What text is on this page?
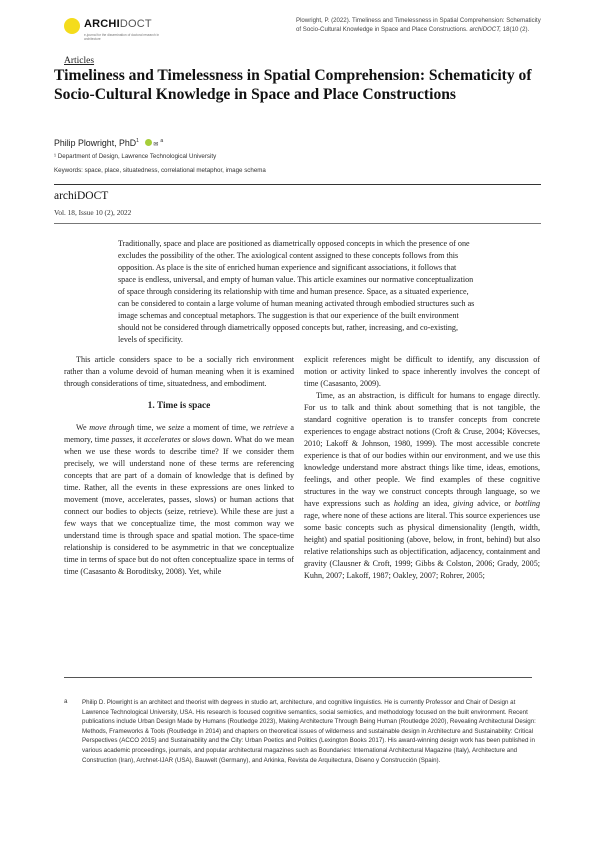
ARCHIDOCT
e-journal for the dissemination of doctoral research in architecture
Plowright, P. (2022). Timeliness and Timelessness in Spatial Comprehension: Schematicity of Socio-Cultural Knowledge in Space and Place Constructions. archiDOCT, 18(10 (2).
Articles
Timeliness and Timelessness in Spatial Comprehension: Schematicity of Socio-Cultural Knowledge in Space and Place Constructions
Philip Plowright, PhD$^1$ ✉$^a$
¹ Department of Design, Lawrence Technological University
Keywords: space, place, situatedness, correlational metaphor, image schema
archiDOCT
Vol. 18, Issue 10 (2), 2022
Traditionally, space and place are positioned as diametrically opposed concepts in which the presence of one excludes the possibility of the other. The axiological content assigned to these concepts follows from this opposition. As place is the site of enriched human experience and significant associations, it follows that space is endless, universal, and empty of human value. This article examines our normative conceptualization of space through considering its relationship with time and human presence. Space, as a situated experience, can be considered to contain a large volume of human meaning activated through embodied structures such as image schemas and conceptual metaphors. The suggestion is that our experience of the built environment should not be considered through diametrically opposed concepts but, rather, increasing, and co-existing, levels of specificity.

This article considers space to be a socially rich environment rather than a volume devoid of human meaning when it is examined through considerations of time, situatedness, and embodiment.

1. Time is space

We move through time, we seize a moment of time, we retrieve a memory, time passes, it accelerates or slows down. What do we mean when we use these words to describe time? If we consider them precisely, we will understand none of these terms are referencing concepts that are part of a domain of knowledge that is defined by time. Rather, all the events in these expressions are ones linked to movement (move, accelerates, passes, slows) or human actions that connect our bodies to objects (seize, retrieve). While these are just a few ways that we conceptualize time, the most common way we understand time is through space and spatial motion. The space-time relationship is considered to be asymmetric in that we conceptualize time in terms of space but do not often conceptualize space in terms of time (Casasanto & Boroditsky, 2008). Yet, while

explicit references might be difficult to identify, any discussion of motion or activity linked to space inherently involves the concept of time (Casasanto, 2009).

Time, as an abstraction, is difficult for humans to engage directly. For us to talk and think about something that is not tangible, the standard cognitive operation is to transfer concepts from concrete experiences to engage abstract notions (Croft & Cruse, 2004; Kövecses, 2010; Lakoff & Johnson, 1980, 1999). The most accessible concrete experience is that of our bodies within our environment, and we use this knowledge understand more abstract things like time, ideas, emotions, feelings, and other people. We find examples of these cognitive structures in the way we construct concepts through language, so we have expressions such as holding an idea, giving advice, or bottling rage, where none of these actions are literal. This source experiences use some basic concepts such as physical dimensionality (length, width, height) and spatial positioning (above, below, in front, behind) but also relative relationships such as objectification, adjacency, containment and gravity (Clausner & Croft, 1999; Gibbs & Colston, 2006; Grady, 2005; Kuhn, 2007; Lakoff, 1987; Oakley, 2007; Rohrer, 2005;

a Philip D. Plowright is an architect and theorist with degrees in studio art, architecture, and cognitive linguistics. He is currently Professor and Chair of Design at Lawrence Technological University, USA. His research is focused cognitive semantics, social semiotics, and methodology focused on the built environment. Recent publications include Urban Design Made by Humans (Routledge 2023), Making Architecture Through Being Human (Routledge 2020), Revealing Architectural Design: Methods, Frameworks & Tools (Routledge in 2014) and chapters on theoretical issues of wilderness and sustainable design in Architecture and Sustainability: Critical Perspectives (ACCO 2015) and Sustainability and the City: Urban Poetics and Politics (Lexington Books 2017). His award-winning design work has been published in various academic proceedings, journals, and popular architectural magazines such as Boundaries: International Architectural Magazine (Italy), Architecture and Construction (Iran), Archnet-IJAR (USA), Bauwelt (Germany), and Arkinka, Revista de Arquitectura, Diseno y Construcción (Spain).
